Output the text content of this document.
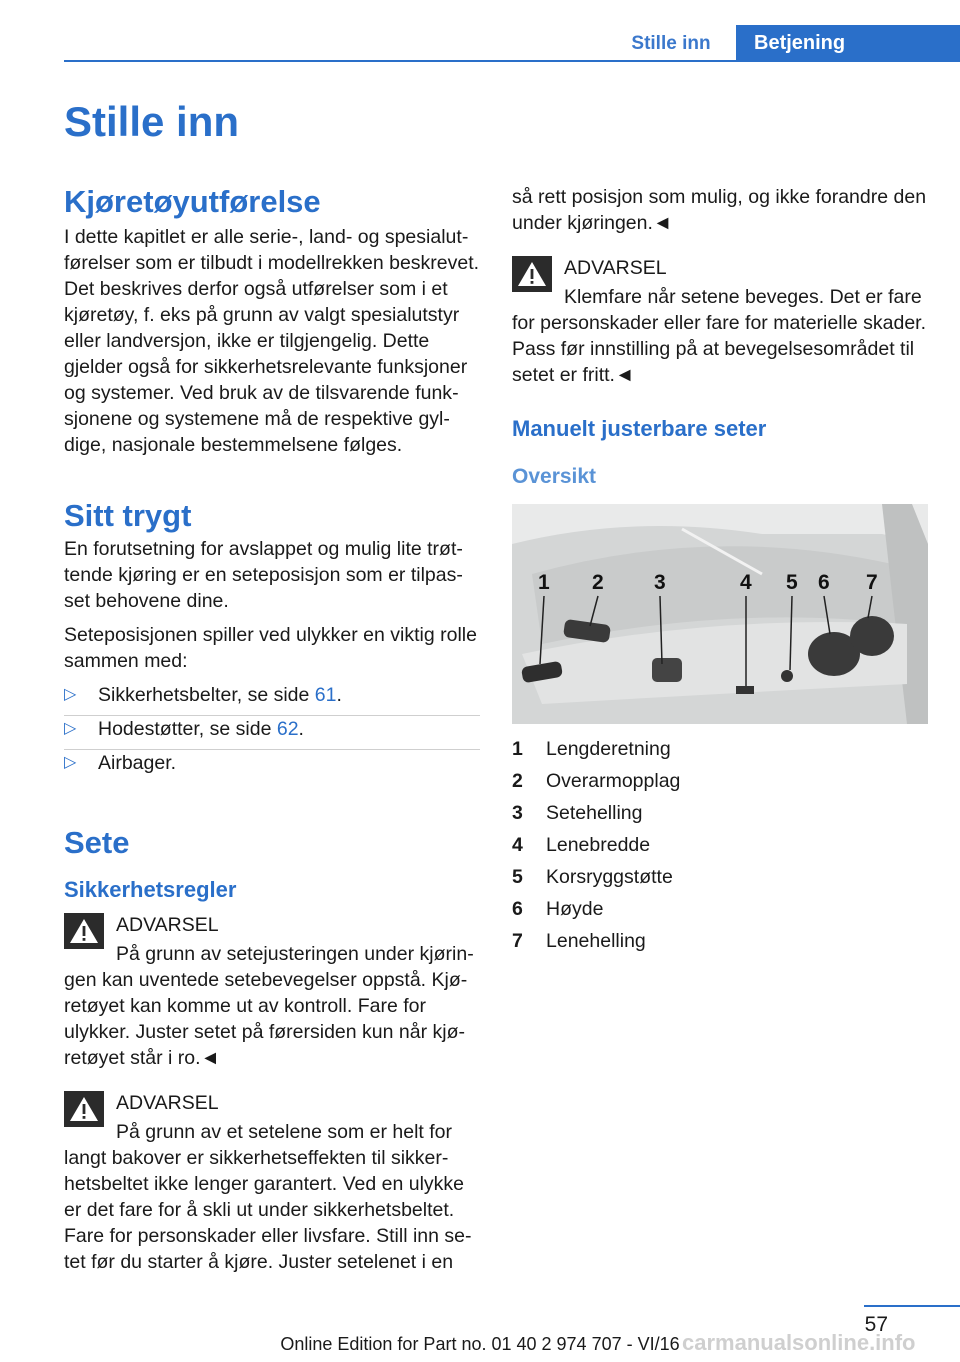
Stille inn	Betjening
Stille inn
Kjøretøyutførelse

I dette kapitlet er alle serie-, land- og spesialutførelser som er tilbudt i modellrekken beskrevet. Det beskrives derfor også utførelser som i et kjøretøy, f. eks på grunn av valgt spesialutstyr eller landversjon, ikke er tilgjengelig. Dette gjelder også for sikkerhetsrelevante funksjoner og systemer. Ved bruk av de tilsvarende funksjonene og systemene må de respektive gyldige, nasjonale bestemmelsene følges.

Sitt trygt

En forutsetning for avslappet og mulig lite trøttende kjøring er en seteposisjon som er tilpasset behovene dine.

Seteposisjonen spiller ved ulykker en viktig rolle sammen med:

▷ Sikkerhetsbelter, se side 61.
▷ Hodestøtter, se side 62.
▷ Airbager.
Sete
Sikkerhetsregler
ADVARSEL

På grunn av setejusteringen under kjøringen kan uventede setebevegelser oppstå. Kjøretøyet kan komme ut av kontroll. Fare for ulykker. Juster setet på førersiden kun når kjøretøyet står i ro.◄

ADVARSEL

På grunn av et setelene som er helt for langt bakover er sikkerhetseffekten til sikkerhetsbeltet ikke lenger garantert. Ved en ulykke er det fare for å skli ut under sikkerhetsbeltet. Fare for personskader eller livsfare. Still inn setet før du starter å kjøre. Juster setelenet i en

så rett posisjon som mulig, og ikke forandre den under kjøringen.◄

ADVARSEL

Klemfare når setene beveges. Det er fare for personskader eller fare for materielle skader. Pass før innstilling på at bevegelsesområdet til setet er fritt.◄

Manuelt justerbare seter
Oversikt
1 2 3	4 5 6 7
1	Lengderetning
2	Overarmopplag
3	Setehelling
4	Lenebredde
5	Korsryggstøtte
6	Høyde
7	Lenehelling
57
Online Edition for Part no. 01 40 2 974 707 - VI/16 carmanualsonline.info
